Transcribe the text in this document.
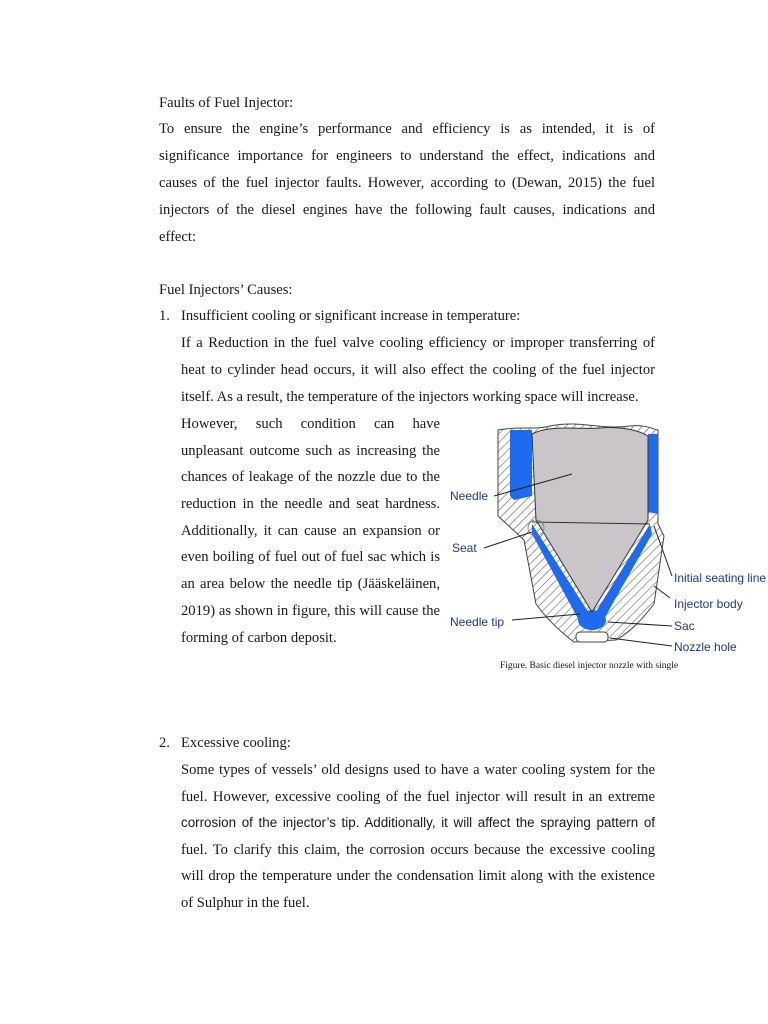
Faults of Fuel Injector:
To ensure the engine’s performance and efficiency is as intended, it is of
significance importance for engineers to understand the effect, indications and
causes of the fuel injector faults. However, according to (Dewan, 2015) the fuel
injectors of the diesel engines have the following fault causes, indications and
effect:
Fuel Injectors’ Causes:
1. Insufficient cooling or significant increase in temperature:
If a Reduction in the fuel valve cooling efficiency or improper transferring of
heat to cylinder head occurs, it will also effect the cooling of the fuel injector
itself. As a result, the temperature of the injectors working space will increase.
However, such condition can have
unpleasant outcome such as increasing the
chances of leakage of the nozzle due to the
reduction in the needle and seat hardness.
Additionally, it can cause an expansion or
even boiling of fuel out of fuel sac which is
an area below the needle tip (Jääskeläinen,
2019) as shown in figure, this will cause the
forming of carbon deposit.
Needle
Seat
Needle tip
Initial seating line
Injector body
Sac
Nozzle hole
Figure. Basic diesel injector nozzle with single
2. Excessive cooling:
Some types of vessels’ old designs used to have a water cooling system for the
fuel. However, excessive cooling of the fuel injector will result in an extreme
corrosion of the injector’s tip. Additionally, it will affect the spraying pattern of
fuel. To clarify this claim, the corrosion occurs because the excessive cooling
will drop the temperature under the condensation limit along with the existence
of Sulphur in the fuel.
